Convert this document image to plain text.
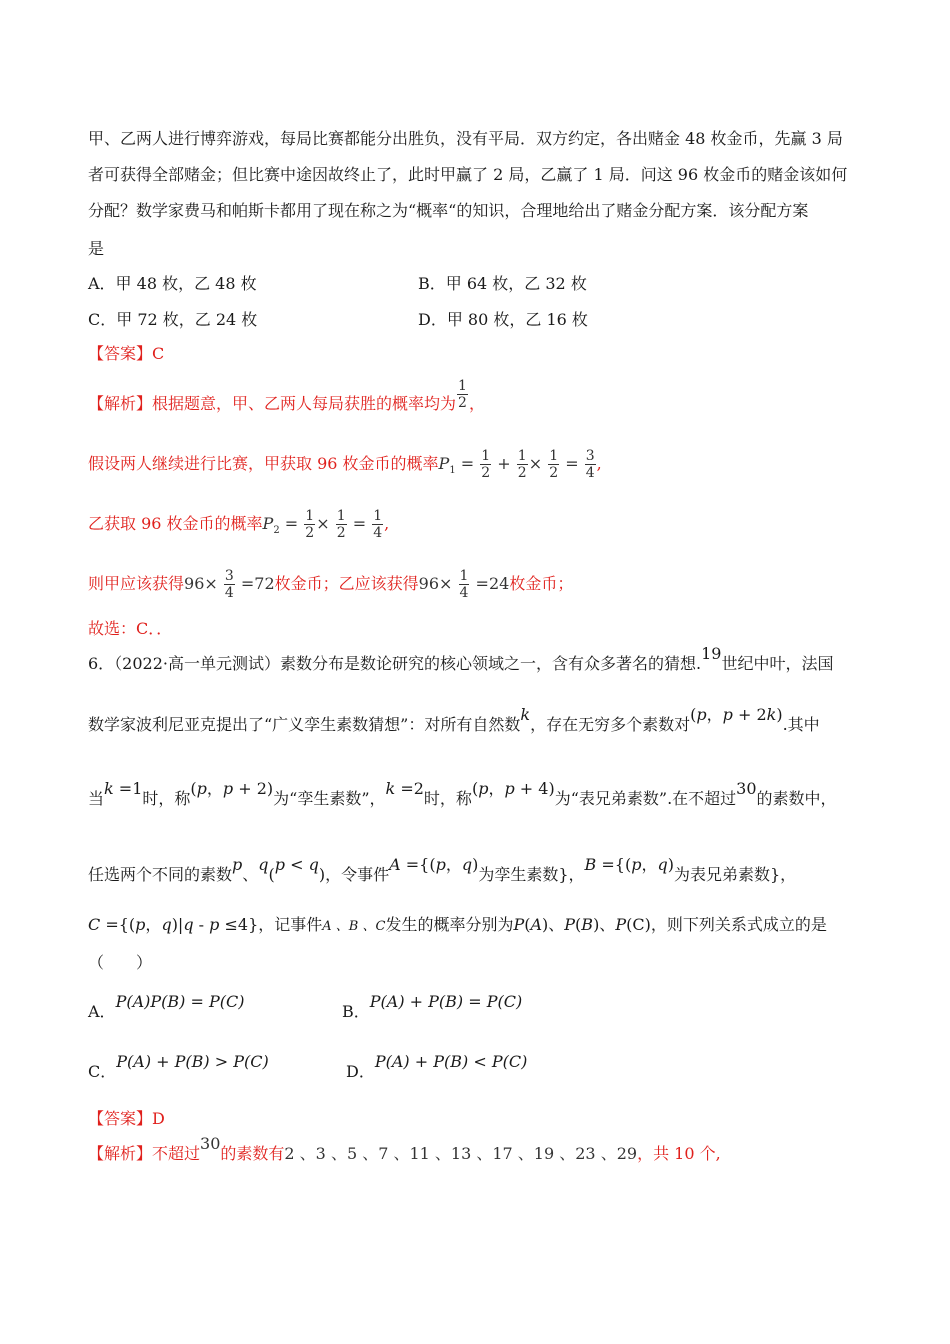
甲、乙两人进行博弈游戏，每局比赛都能分出胜负，没有平局．双方约定，各出赌金 48 枚金币，先赢 3 局
者可获得全部赌金；但比赛中途因故终止了，此时甲赢了 2 局，乙赢了 1 局．问这 96 枚金币的赌金该如何
分配？数学家费马和帕斯卡都用了现在称之为“概率“的知识，合理地给出了赌金分配方案．该分配方案
是
A．甲 48 枚，乙 48 枚	B．甲 64 枚，乙 32 枚
C．甲 72 枚，乙 24 枚	D．甲 80 枚，乙 16 枚
【答案】C
【解析】根据题意，甲、乙两人每局获胜的概率均为 $\frac{1}{2}$ ，
假设两人继续进行比赛，甲获取 96 枚金币的概率$P_1 = \frac{1}{2} + \frac{1}{2} \times \frac{1}{2} = \frac{3}{4}$ ,
乙获取 96 枚金币的概率$P_2 = \frac{1}{2} \times \frac{1}{2} = \frac{1}{4}$ ,
则甲应该获得$96\times \frac{3}{4} =72$枚金币；乙应该获得$96\times \frac{1}{4} =24$枚金币；
故选：C．．
6．（2022·高一单元测试）素数分布是数论研究的核心领域之一，含有众多著名的猜想.19世纪中叶，法国
数学家波利尼亚克提出了“广义孪生素数猜想”：对所有自然数k，存在无穷多个素数对(p，p + 2k).其中
当k =1时，称(p，p + 2)为“孪生素数”，k =2时，称(p，p + 4)为“表兄弟素数”.在不超过30的素数中，
任选两个不同的素数p、q(p < q)，令事件A ={(p，q)为孪生素数}，B ={(p，q)为表兄弟素数}，
C ={(p，q)|q - p ≤4}，记事件A 、B 、C发生的概率分别为P(A)、P(B)、P(C)，则下列关系式成立的是
（　　）
A．P(A)P(B) = P(C)
B．P(A) + P(B) = P(C)
C．P(A) + P(B) > P(C)
D．P(A) + P(B) < P(C)
【答案】D
【解析】不超过30的素数有2 、3 、5 、7 、11 、13 、17 、19 、23 、29，共 10 个,
